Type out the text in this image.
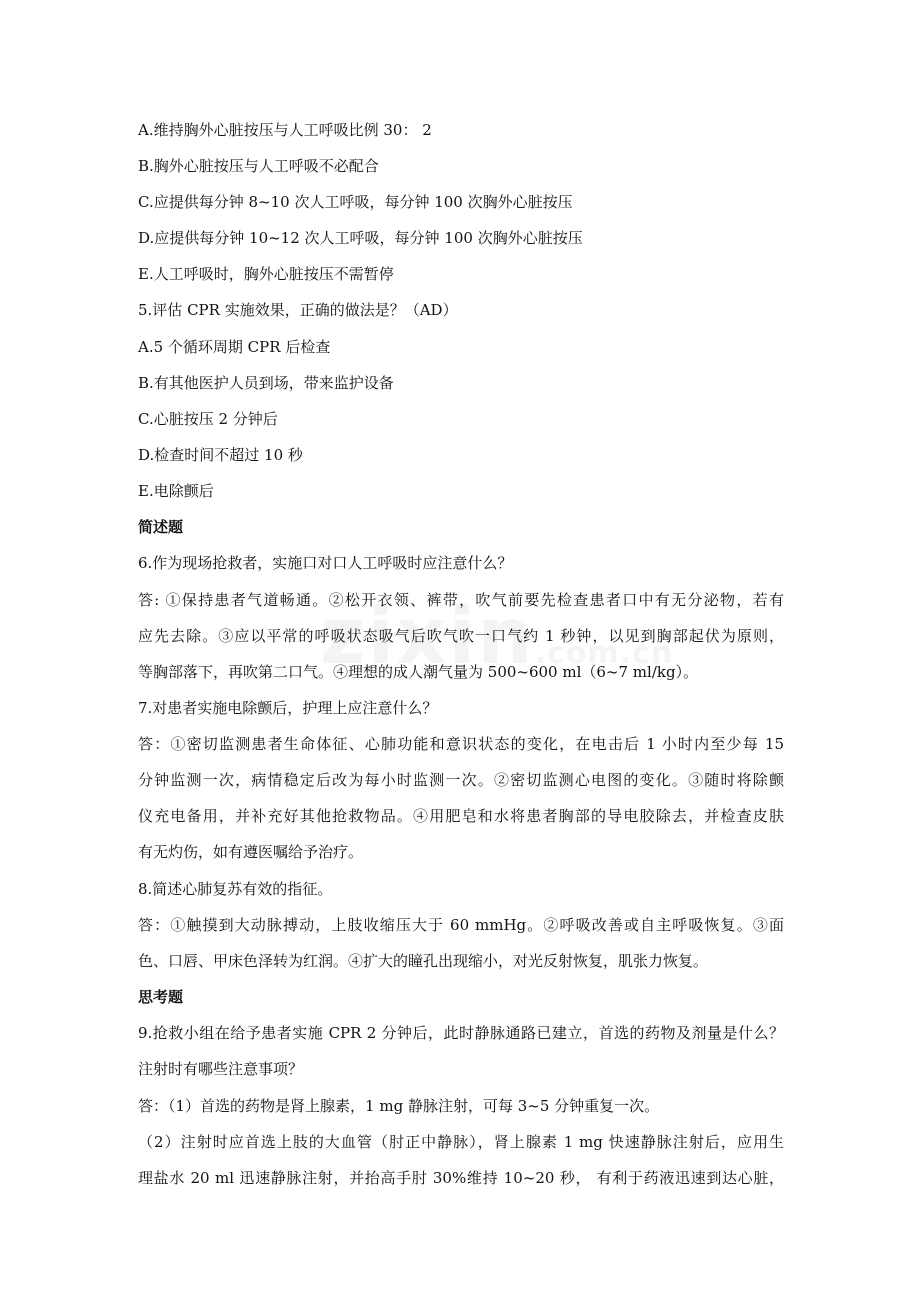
A.维持胸外心脏按压与人工呼吸比例 30： 2
B.胸外心脏按压与人工呼吸不必配合
C.应提供每分钟 8~10 次人工呼吸，每分钟 100 次胸外心脏按压
D.应提供每分钟 10~12 次人工呼吸，每分钟 100 次胸外心脏按压
E.人工呼吸时，胸外心脏按压不需暂停
5.评估 CPR 实施效果，正确的做法是？（AD）
A.5 个循环周期 CPR 后检查
B.有其他医护人员到场，带来监护设备
C.心脏按压 2 分钟后
D.检查时间不超过 10 秒
E.电除颤后
简述题
6.作为现场抢救者，实施口对口人工呼吸时应注意什么？
答: ①保持患者气道畅通。②松开衣领、裤带，吹气前要先检查患者口中有无分泌物，若有
应先去除。③应以平常的呼吸状态吸气后吹气吹一口气约 1 秒钟，以见到胸部起伏为原则，
等胸部落下，再吹第二口气。④理想的成人潮气量为 500~600 ml（6~7 ml/kg）。
7.对患者实施电除颤后，护理上应注意什么？
答：①密切监测患者生命体征、心肺功能和意识状态的变化，在电击后 1 小时内至少每 15
分钟监测一次，病情稳定后改为每小时监测一次。②密切监测心电图的变化。③随时将除颤
仪充电备用，并补充好其他抢救物品。④用肥皂和水将患者胸部的导电胶除去，并检查皮肤
有无灼伤，如有遵医嘱给予治疗。
8.简述心肺复苏有效的指征。
答：①触摸到大动脉搏动，上肢收缩压大于 60 mmHg。②呼吸改善或自主呼吸恢复。③面
色、口唇、甲床色泽转为红润。④扩大的瞳孔出现缩小，对光反射恢复，肌张力恢复。
思考题
9.抢救小组在给予患者实施 CPR 2 分钟后，此时静脉通路已建立，首选的药物及剂量是什么？
注射时有哪些注意事项？
答：（1）首选的药物是肾上腺素，1 mg 静脉注射，可每 3~5 分钟重复一次。
（2）注射时应首选上肢的大血管（肘正中静脉），肾上腺素 1 mg 快速静脉注射后，应用生
理盐水 20 ml 迅速静脉注射，并抬高手肘 30%维持 10~20 秒， 有利于药液迅速到达心脏，
